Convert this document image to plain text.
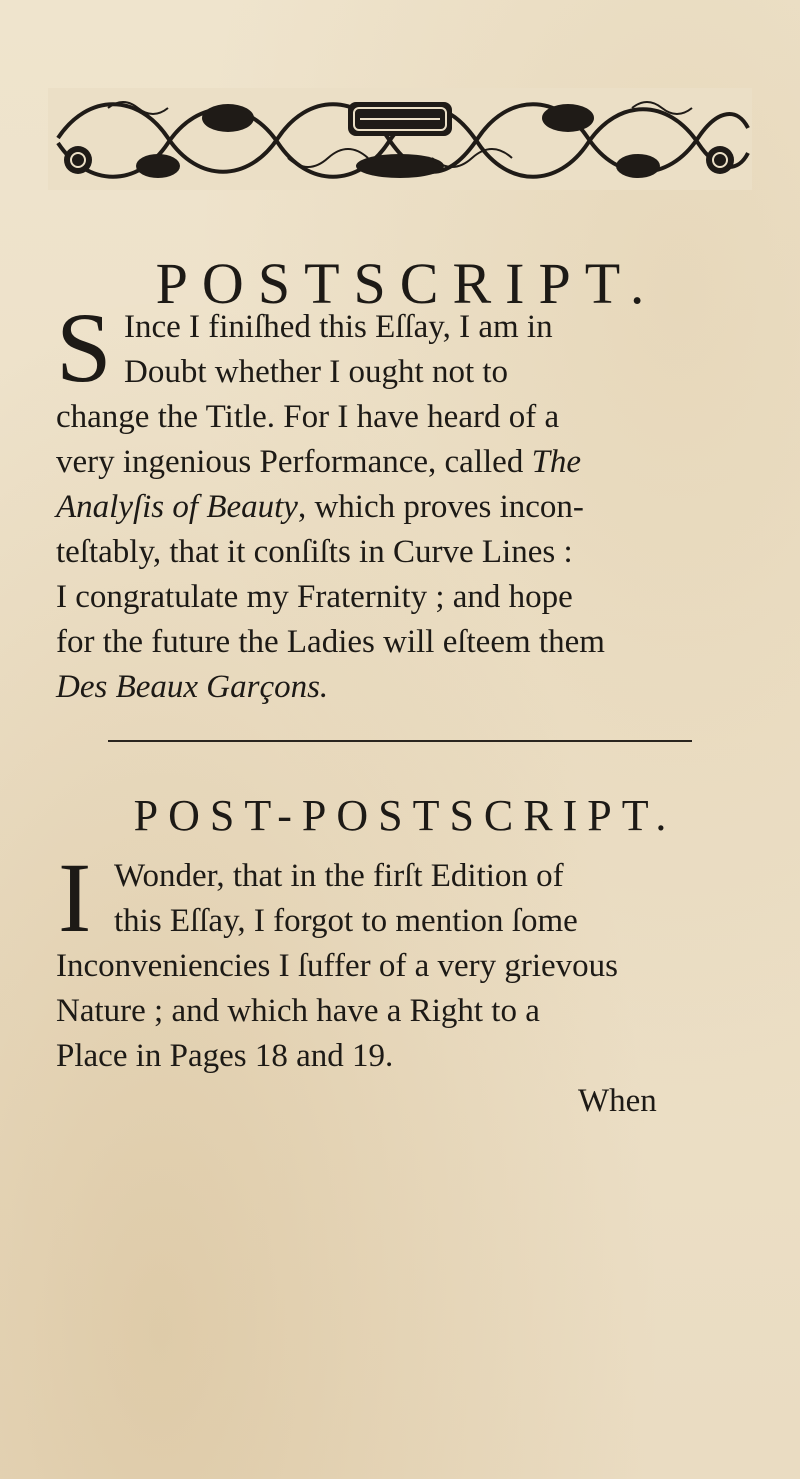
POSTSCRIPT.
S Ince I finiſhed this Eſſay, I am in
Doubt whether I ought not to
change the Title. For I have heard of a
very ingenious Performance, called The
Analyſis of Beauty, which proves incon-
teſtably, that it conſiſts in Curve Lines :
I congratulate my Fraternity ; and hope
for the future the Ladies will eſteem them
Des Beaux Garçons.
POST-POSTSCRIPT.
I Wonder, that in the firſt Edition of
this Eſſay, I forgot to mention ſome
Inconveniencies I ſuffer of a very grievous
Nature ; and which have a Right to a
Place in Pages 18 and 19.
When
